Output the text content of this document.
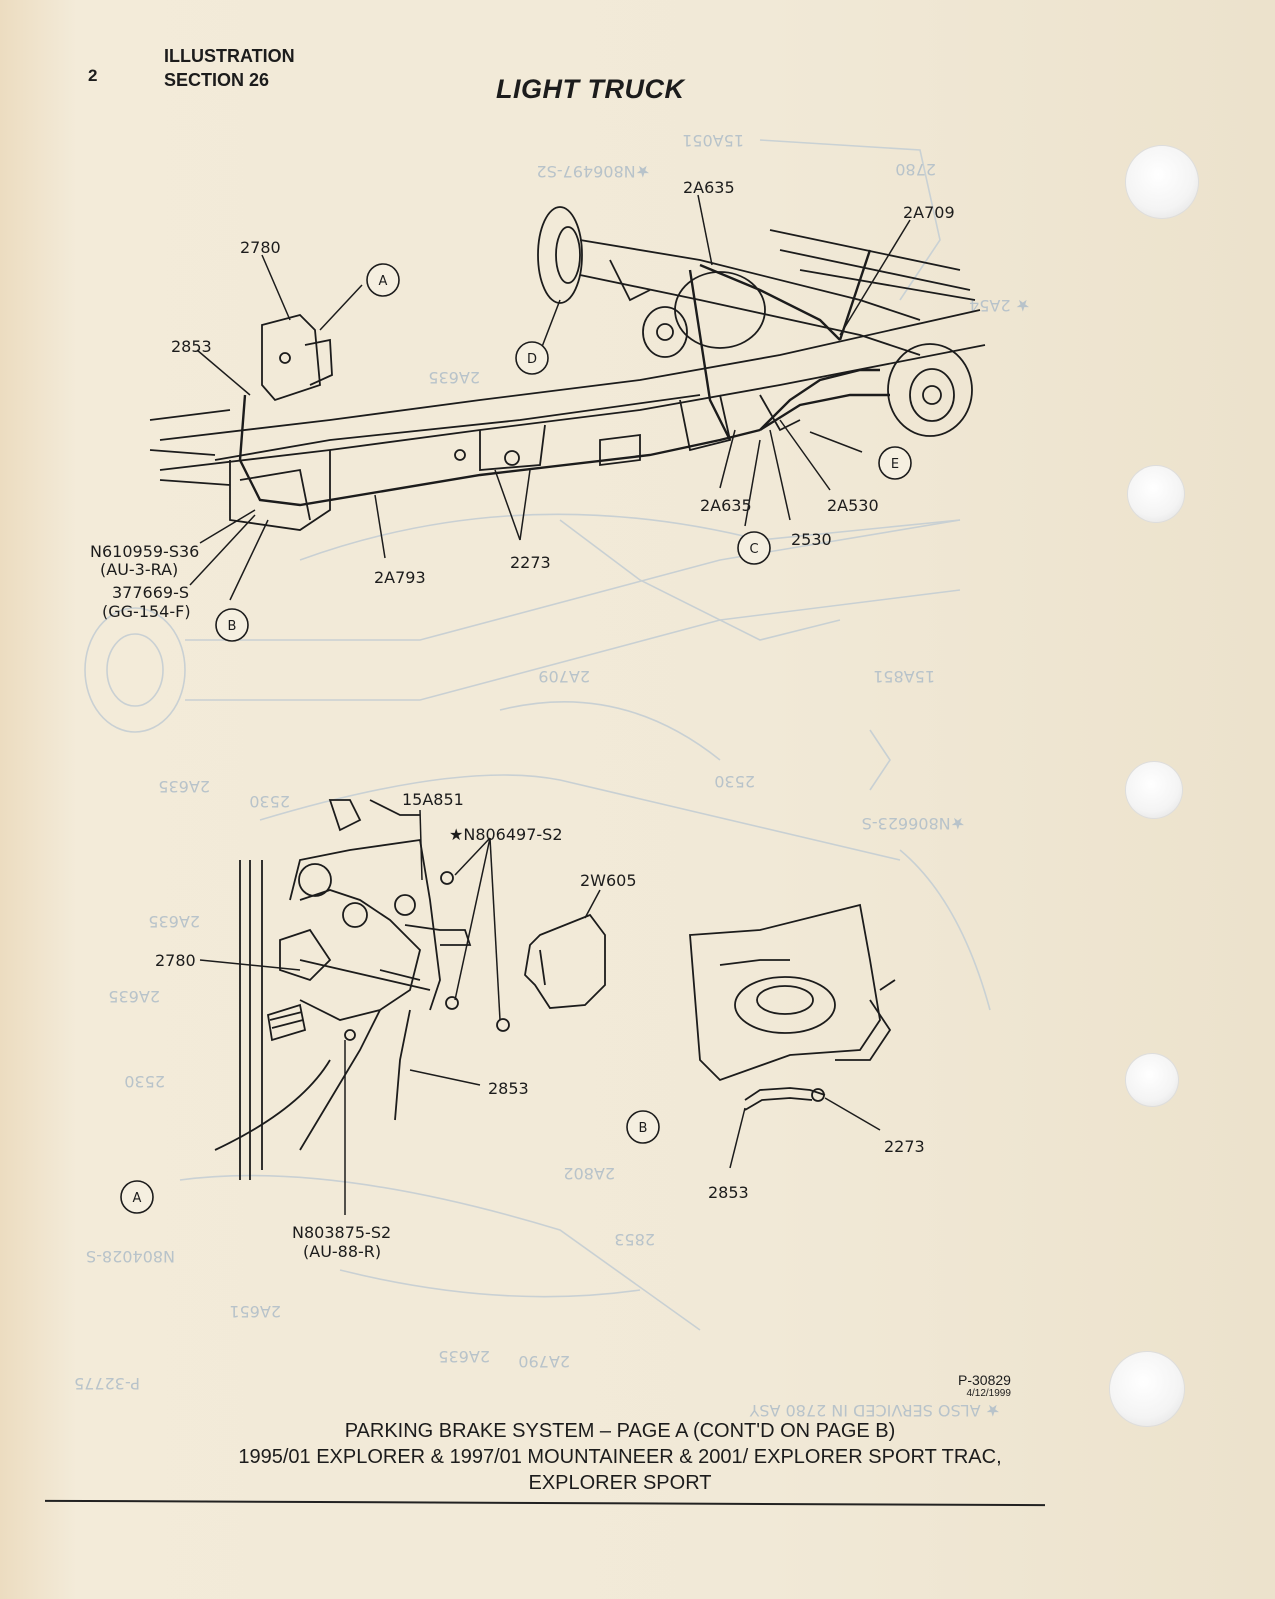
2
ILLUSTRATION
SECTION 26	LIGHT TRUCK
15A051
★N806497-S2	2780
2A635
2A709	15A851
2A635	2530
2530
★N806623-S
2A635
2A635
2530
2A802
2853
N804028-S
2A651
2A635 2A790
P-32775
★ ALSO SERVICED IN 2780 ASY
★ 2A54
A
D
E
C
B
B
A
2780
2853
2A635
2A709
N610959-S36
(AU-3-RA)
377669-S
(GG-154-F)
2A793
2273
2A635
2530
2A530
15A851
★N806497-S2
2W605
2780
2853
N803875-S2
(AU-88-R)
2273
2853
P-30829
4/12/1999
PARKING BRAKE SYSTEM – PAGE A (CONT'D ON PAGE B)
1995/01 EXPLORER & 1997/01 MOUNTAINEER & 2001/ EXPLORER SPORT TRAC,
EXPLORER SPORT
